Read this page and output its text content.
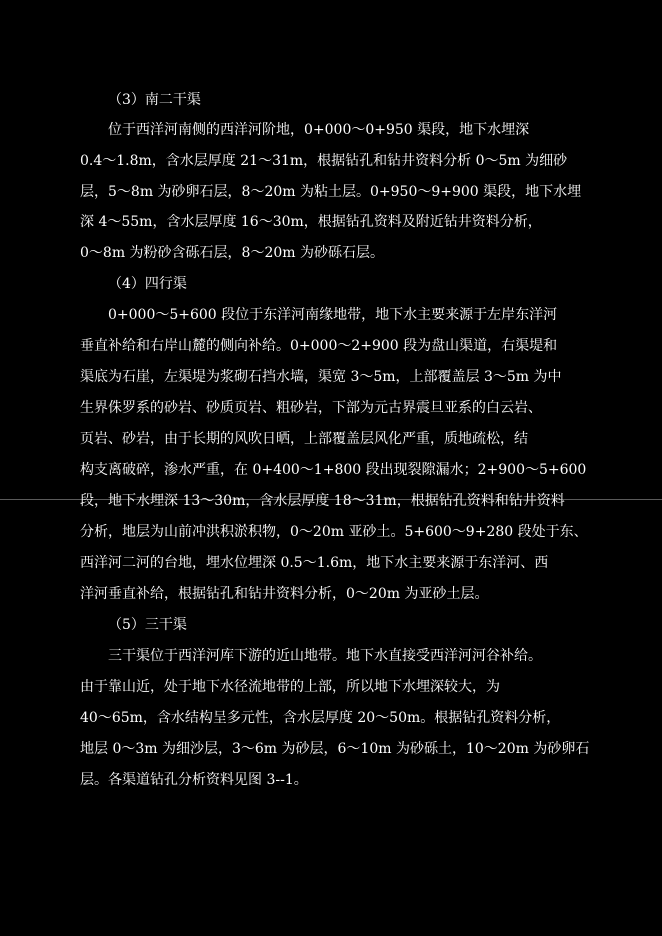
（3）南二干渠
位于西洋河南侧的西洋河阶地，0+000～0+950 渠段，地下水埋深
0.4～1.8m，含水层厚度 21～31m，根据钻孔和钻井资料分析 0～5m 为细砂
层，5～8m 为砂卵石层，8～20m 为粘土层。0+950～9+900 渠段，地下水埋
深 4～55m，含水层厚度 16～30m，根据钻孔资料及附近钻井资料分析，
0～8m 为粉砂含砾石层，8～20m 为砂砾石层。
（4）四行渠
0+000～5+600 段位于东洋河南缘地带，地下水主要来源于左岸东洋河
垂直补给和右岸山麓的侧向补给。0+000～2+900 段为盘山渠道，右渠堤和
渠底为石崖，左渠堤为浆砌石挡水墙，渠宽 3～5m，上部覆盖层 3～5m 为中
生界侏罗系的砂岩、砂质页岩、粗砂岩，下部为元古界震旦亚系的白云岩、
页岩、砂岩，由于长期的风吹日晒，上部覆盖层风化严重，质地疏松，结
构支离破碎，渗水严重，在 0+400～1+800 段出现裂隙漏水；2+900～5+600
段，地下水埋深 13～30m，含水层厚度 18～31m，根据钻孔资料和钻井资料
分析，地层为山前冲洪积淤积物，0～20m 亚砂土。5+600～9+280 段处于东、
西洋河二河的台地，埋水位埋深 0.5～1.6m，地下水主要来源于东洋河、西
洋河垂直补给，根据钻孔和钻井资料分析，0～20m 为亚砂土层。
（5）三干渠
三干渠位于西洋河库下游的近山地带。地下水直接受西洋河河谷补给。
由于靠山近，处于地下水径流地带的上部，所以地下水埋深较大，为
40～65m，含水结构呈多元性，含水层厚度 20～50m。根据钻孔资料分析，
地层 0～3m 为细沙层，3～6m 为砂层，6～10m 为砂砾土，10～20m 为砂卵石
层。各渠道钻孔分析资料见图 3--1。
